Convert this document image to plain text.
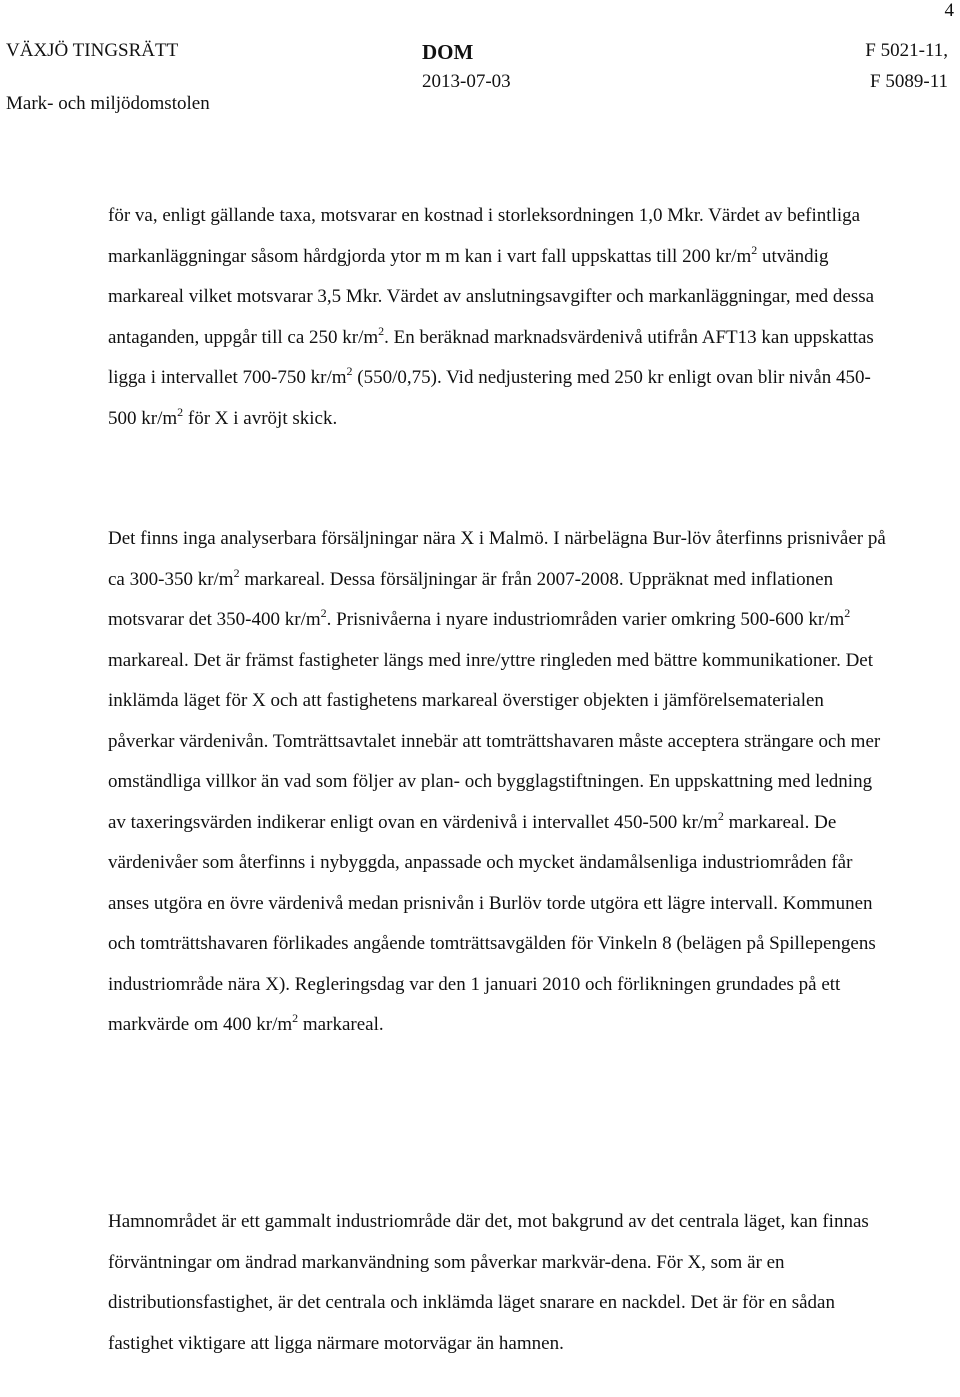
4
VÄXJÖ TINGSRÄTT
Mark- och miljödomstolen
DOM
2013-07-03
F 5021-11,
F 5089-11

för va, enligt gällande taxa, motsvarar en kostnad i storleksordningen 1,0 Mkr. Värdet av befintliga markanläggningar såsom hårdgjorda ytor m m kan i vart fall uppskattas till 200 $kr/m^2$ utvändig markareal vilket motsvarar 3,5 Mkr. Värdet av anslutningsavgifter och markanläggningar, med dessa antaganden, uppgår till ca 250 $kr/m^2$. En beräknad marknadsvärdenivå utifrån AFT13 kan uppskattas ligga i intervallet 700-750 $kr/m^2$ (550/0,75). Vid nedjustering med 250 kr enligt ovan blir nivån 450-500 $kr/m^2$ för X i avröjt skick.

Det finns inga analyserbara försäljningar nära X i Malmö. I närbelägna Bur-löv återfinns prisnivåer på ca 300-350 $kr/m^2$ markareal. Dessa försäljningar är från 2007-2008. Uppräknat med inflationen motsvarar det 350-400 $kr/m^2$. Prisnivåerna i nyare industriområden varier omkring 500-600 $kr/m^2$ markareal. Det är främst fastigheter längs med inre/yttre ringleden med bättre kommunikationer. Det inklämda läget för X och att fastighetens markareal överstiger objekten i jämförelsematerialen påverkar värdenivån. Tomträttsavtalet innebär att tomträttshavaren måste acceptera strängare och mer omständliga villkor än vad som följer av plan- och bygglagstiftningen. En uppskattning med ledning av taxeringsvärden indikerar enligt ovan en värdenivå i intervallet 450-500 $kr/m^2$ markareal. De värdenivåer som återfinns i nybyggda, anpassade och mycket ändamålsenliga industriområden får anses utgöra en övre värdenivå medan prisnivån i Burlöv torde utgöra ett lägre intervall. Kommunen och tomträttshavaren förlikades angående tomträttsavgälden för Vinkeln 8 (belägen på Spillepengens industriområde nära X). Regleringsdag var den 1 januari 2010 och förlikningen grundades på ett markvärde om 400 $kr/m^2$ markareal.

Hamnområdet är ett gammalt industriområde där det, mot bakgrund av det centrala läget, kan finnas förväntningar om ändrad markanvändning som påverkar markvär-dena. För X, som är en distributionsfastighet, är det centrala och inklämda läget snarare en nackdel. Det är för en sådan fastighet viktigare att ligga närmare motorvägar än hamnen.
